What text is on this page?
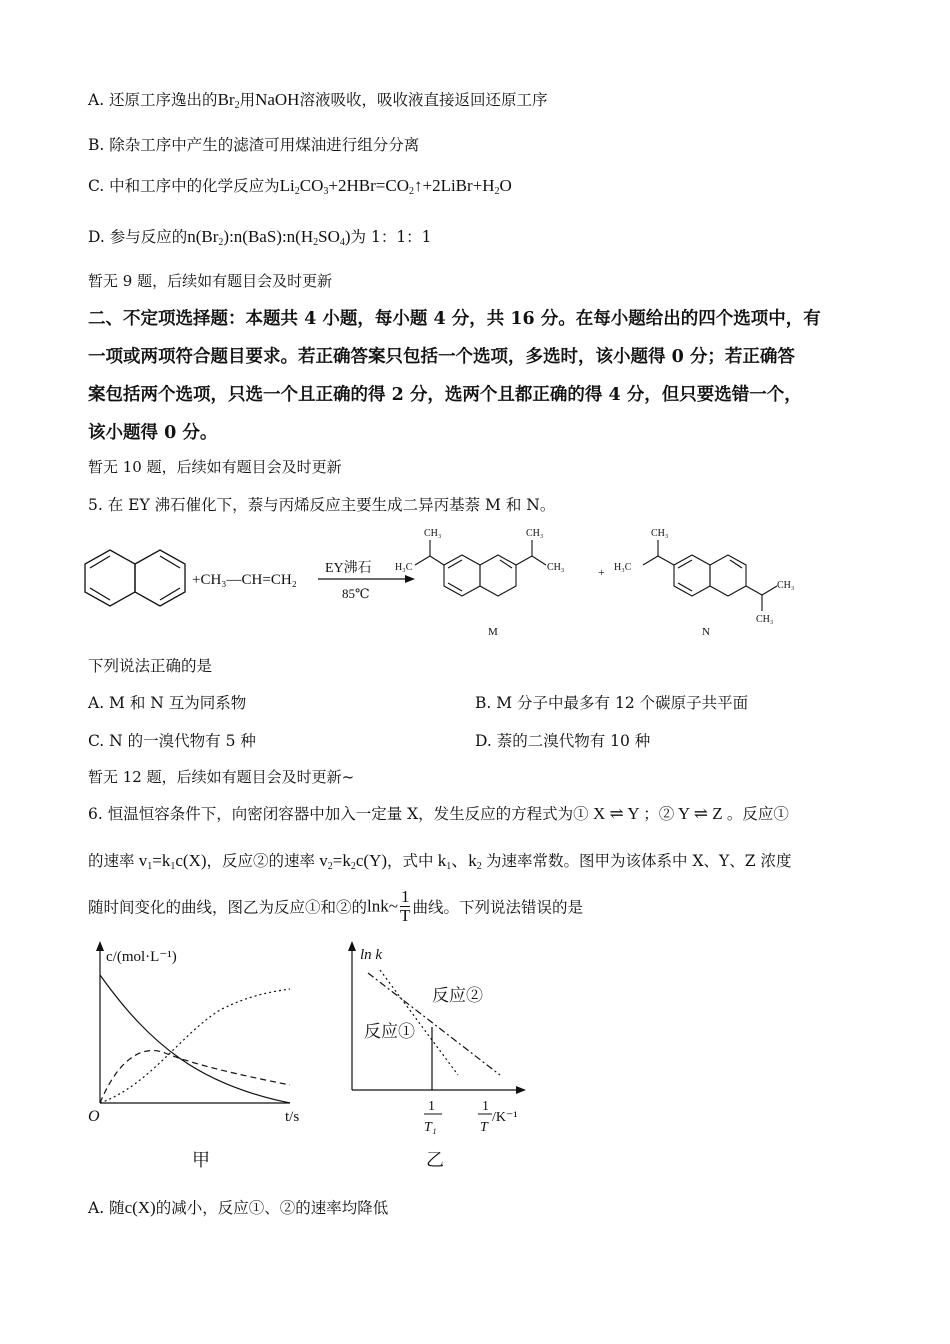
A. 还原工序逸出的$Br_2$用NaOH溶液吸收，吸收液直接返回还原工序
B. 除杂工序中产生的滤渣可用煤油进行组分分离
C. 中和工序中的化学反应为$Li_2CO_3+2HBr=CO_2↑+2LiBr+H_2O$
D. 参与反应的$n(Br_2):n(BaS):n(H_2SO_4)$为 1：1：1
暂无 9 题，后续如有题目会及时更新
二、不定项选择题：本题共 4 小题，每小题 4 分，共 16 分。在每小题给出的四个选项中，有
一项或两项符合题目要求。若正确答案只包括一个选项，多选时，该小题得 0 分；若正确答
案包括两个选项，只选一个且正确的得 2 分，选两个且都正确的得 4 分，但只要选错一个，
该小题得 0 分。
暂无 10 题，后续如有题目会及时更新
5. 在 EY 沸石催化下，萘与丙烯反应主要生成二异丙基萘 M 和 N。
+CH₃—CH=CH₂
EY沸石
85℃
CH₃
H₃C
CH₃
CH₃
M
+
CH₃
H₃C
CH₃
CH₃
N
下列说法正确的是
A. M 和 N 互为同系物	B. M 分子中最多有 12 个碳原子共平面
C. N 的一溴代物有 5 种	D. 萘的二溴代物有 10 种
暂无 12 题，后续如有题目会及时更新~
6. 恒温恒容条件下，向密闭容器中加入一定量 X，发生反应的方程式为① X ⇌ Y ；② Y ⇌ Z 。反应①
的速率 $v_1=k_1c(X)$，反应②的速率 $v_2=k_2c(Y)$，式中 $k_1$、$k_2$ 为速率常数。图甲为该体系中 X、Y、Z 浓度
随时间变化的曲线，图乙为反应①和②的lnk~ $\frac{1}{T}$ 曲线。下列说法错误的是
c/(mol·L⁻¹)
O	t/s
甲
ln k
反应②
反应①
1
T₁
1
T
/K⁻¹
乙
A. 随c(X)的减小，反应①、②的速率均降低
